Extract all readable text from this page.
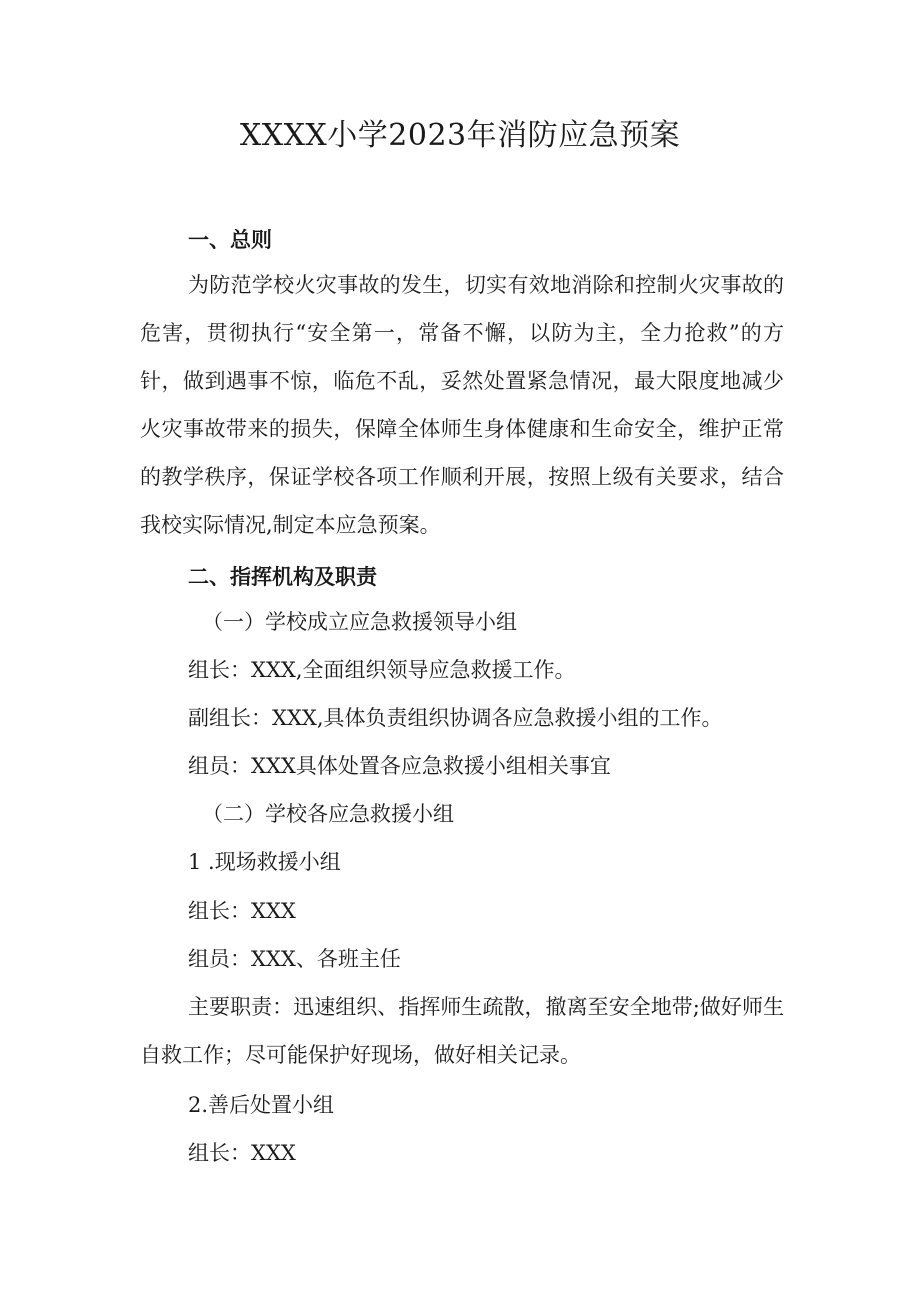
XXXX小学2023年消防应急预案
一、总则
为防范学校火灾事故的发生，切实有效地消除和控制火灾事故的危害，贯彻执行“安全第一，常备不懈，以防为主，全力抢救”的方针，做到遇事不惊，临危不乱，妥然处置紧急情况，最大限度地减少火灾事故带来的损失，保障全体师生身体健康和生命安全，维护正常的教学秩序，保证学校各项工作顺利开展，按照上级有关要求，结合我校实际情况,制定本应急预案。
二、指挥机构及职责
（一）学校成立应急救援领导小组
组长：XXX,全面组织领导应急救援工作。
副组长：XXX,具体负责组织协调各应急救援小组的工作。
组员：XXX具体处置各应急救援小组相关事宜
（二）学校各应急救援小组
1 .现场救援小组
组长：XXX
组员：XXX、各班主任
主要职责：迅速组织、指挥师生疏散，撤离至安全地带;做好师生自救工作；尽可能保护好现场，做好相关记录。
2.善后处置小组
组长：XXX
